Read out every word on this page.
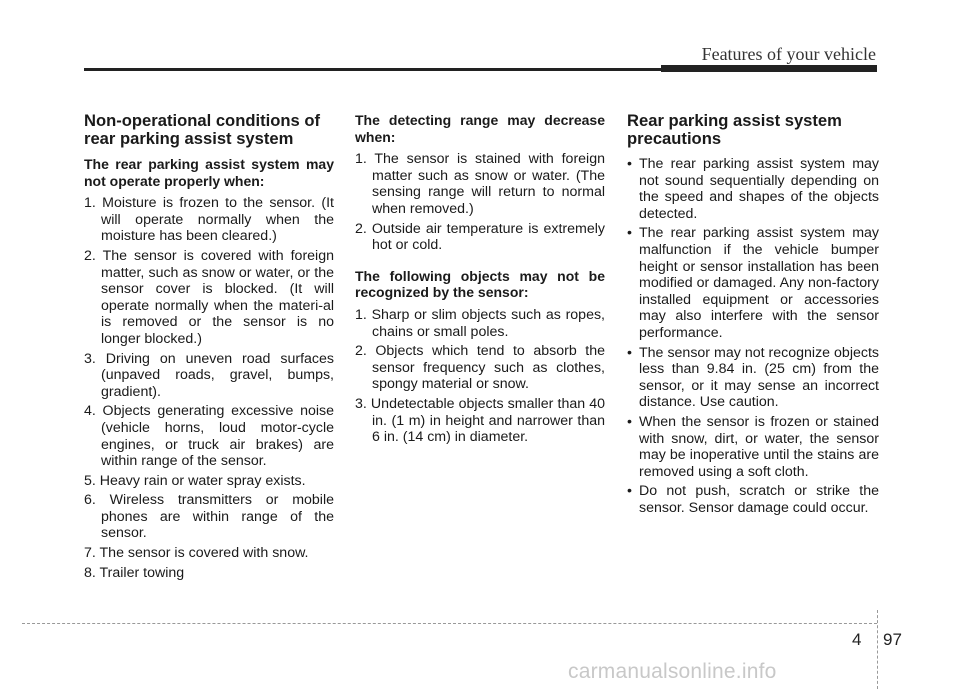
Features of your vehicle
Non-operational conditions of rear parking assist system
The rear parking assist system may not operate properly when:
1. Moisture is frozen to the sensor. (It will operate normally when the moisture has been cleared.)
2. The sensor is covered with foreign matter, such as snow or water, or the sensor cover is blocked. (It will operate normally when the materi-al is removed or the sensor is no longer blocked.)
3. Driving on uneven road surfaces (unpaved roads, gravel, bumps, gradient).
4. Objects generating excessive noise (vehicle horns, loud motor-cycle engines, or truck air brakes) are within range of the sensor.
5. Heavy rain or water spray exists.
6. Wireless transmitters or mobile phones are within range of the sensor.
7. The sensor is covered with snow.
8. Trailer towing
The detecting range may decrease when:
1. The sensor is stained with foreign matter such as snow or water. (The sensing range will return to normal when removed.)
2. Outside air temperature is extremely hot or cold.
The following objects may not be recognized by the sensor:
1. Sharp or slim objects such as ropes, chains or small poles.
2. Objects which tend to absorb the sensor frequency such as clothes, spongy material or snow.
3. Undetectable objects smaller than 40 in. (1 m) in height and narrower than 6 in. (14 cm) in diameter.
Rear parking assist system precautions
• The rear parking assist system may not sound sequentially depending on the speed and shapes of the objects detected.
• The rear parking assist system may malfunction if the vehicle bumper height or sensor installation has been modified or damaged. Any non-factory installed equipment or accessories may also interfere with the sensor performance.
• The sensor may not recognize objects less than 9.84 in. (25 cm) from the sensor, or it may sense an incorrect distance. Use caution.
• When the sensor is frozen or stained with snow, dirt, or water, the sensor may be inoperative until the stains are removed using a soft cloth.
• Do not push, scratch or strike the sensor. Sensor damage could occur.
4 97
carmanualsonline.info
